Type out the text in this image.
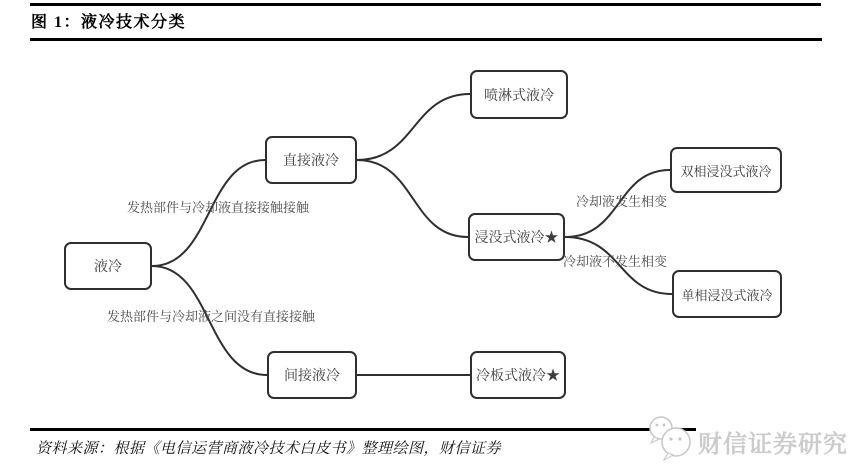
图 1：液冷技术分类
液冷
直接液冷
间接液冷
喷淋式液冷
浸没式液冷★
冷板式液冷★
双相浸没式液冷
单相浸没式液冷
发热部件与冷却液直接接触接触
发热部件与冷却液之间没有直接接触
冷却液发生相变
冷却液不发生相变
资料来源：根据《电信运营商液冷技术白皮书》整理绘图，财信证券	财信证券研究
